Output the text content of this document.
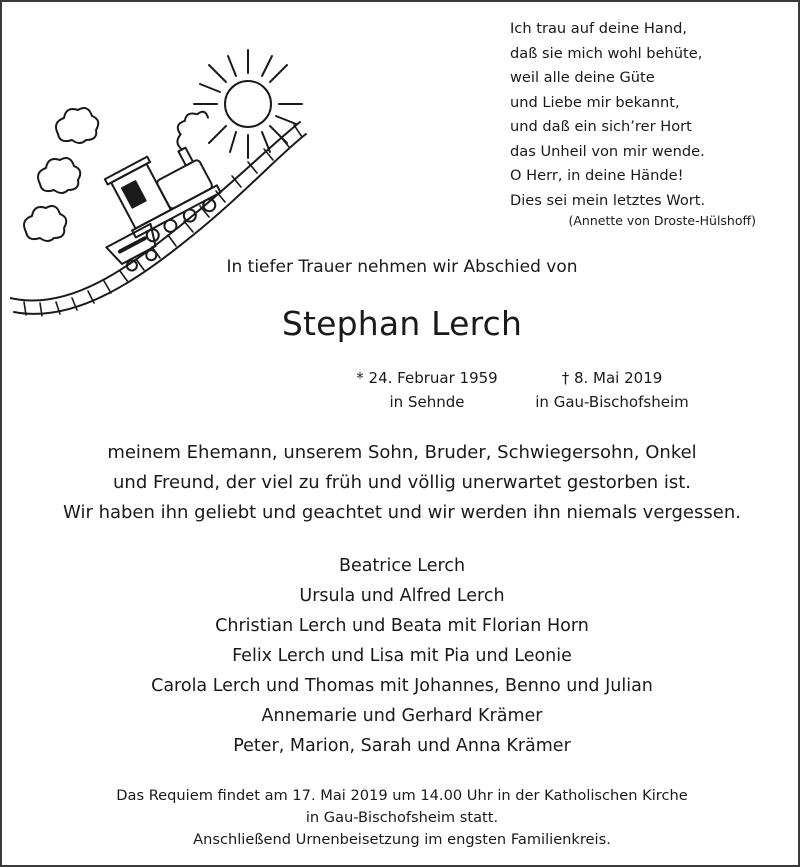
Ich trau auf deine Hand,
daß sie mich wohl behüte,
weil alle deine Güte
und Liebe mir bekannt,
und daß ein sich’rer Hort
das Unheil von mir wende.
O Herr, in deine Hände!
Dies sei mein letztes Wort.
(Annette von Droste-Hülshoff)
In tiefer Trauer nehmen wir Abschied von
Stephan Lerch
* 24. Februar 1959
in Sehnde
† 8. Mai 2019
in Gau-Bischofsheim
meinem Ehemann, unserem Sohn, Bruder, Schwiegersohn, Onkel
und Freund, der viel zu früh und völlig unerwartet gestorben ist.
Wir haben ihn geliebt und geachtet und wir werden ihn niemals vergessen.
Beatrice Lerch
Ursula und Alfred Lerch
Christian Lerch und Beata mit Florian Horn
Felix Lerch und Lisa mit Pia und Leonie
Carola Lerch und Thomas mit Johannes, Benno und Julian
Annemarie und Gerhard Krämer
Peter, Marion, Sarah und Anna Krämer
Das Requiem findet am 17. Mai 2019 um 14.00 Uhr in der Katholischen Kirche
in Gau-Bischofsheim statt.
Anschließend Urnenbeisetzung im engsten Familienkreis.
